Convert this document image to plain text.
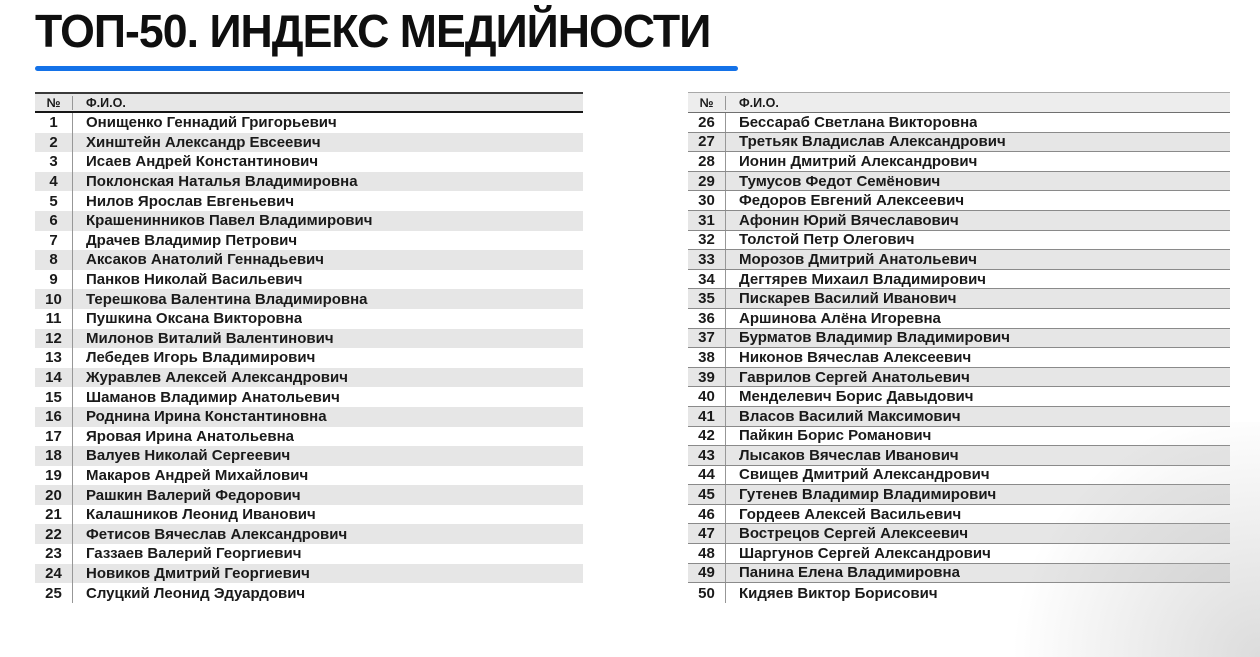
ТОП-50. ИНДЕКС МЕДИЙНОСТИ
№	Ф.И.О.
1	Онищенко Геннадий Григорьевич
2	Хинштейн Александр Евсеевич
3	Исаев Андрей Константинович
4	Поклонская Наталья Владимировна
5	Нилов Ярослав Евгеньевич
6	Крашенинников Павел Владимирович
7	Драчев Владимир Петрович
8	Аксаков Анатолий Геннадьевич
9	Панков Николай Васильевич
10	Терешкова Валентина Владимировна
11	Пушкина Оксана Викторовна
12	Милонов Виталий Валентинович
13	Лебедев Игорь Владимирович
14	Журавлев Алексей Александрович
15	Шаманов Владимир Анатольевич
16	Роднина Ирина Константиновна
17	Яровая Ирина Анатольевна
18	Валуев Николай Сергеевич
19	Макаров Андрей Михайлович
20	Рашкин Валерий Федорович
21	Калашников Леонид Иванович
22	Фетисов Вячеслав Александрович
23	Газзаев Валерий Георгиевич
24	Новиков Дмитрий Георгиевич
25	Слуцкий Леонид Эдуардович
№	Ф.И.О.
26	Бессараб Светлана Викторовна
27	Третьяк Владислав Александрович
28	Ионин Дмитрий Александрович
29	Тумусов Федот Семёнович
30	Федоров Евгений Алексеевич
31	Афонин Юрий Вячеславович
32	Толстой Петр Олегович
33	Морозов Дмитрий Анатольевич
34	Дегтярев Михаил Владимирович
35	Пискарев Василий Иванович
36	Аршинова Алёна Игоревна
37	Бурматов Владимир Владимирович
38	Никонов Вячеслав Алексеевич
39	Гаврилов Сергей Анатольевич
40	Менделевич Борис Давыдович
41	Власов Василий Максимович
42	Пайкин Борис Романович
43	Лысаков Вячеслав Иванович
44	Свищев Дмитрий Александрович
45	Гутенев Владимир Владимирович
46	Гордеев Алексей Васильевич
47	Вострецов Сергей Алексеевич
48	Шаргунов Сергей Александрович
49	Панина Елена Владимировна
50	Кидяев Виктор Борисович
